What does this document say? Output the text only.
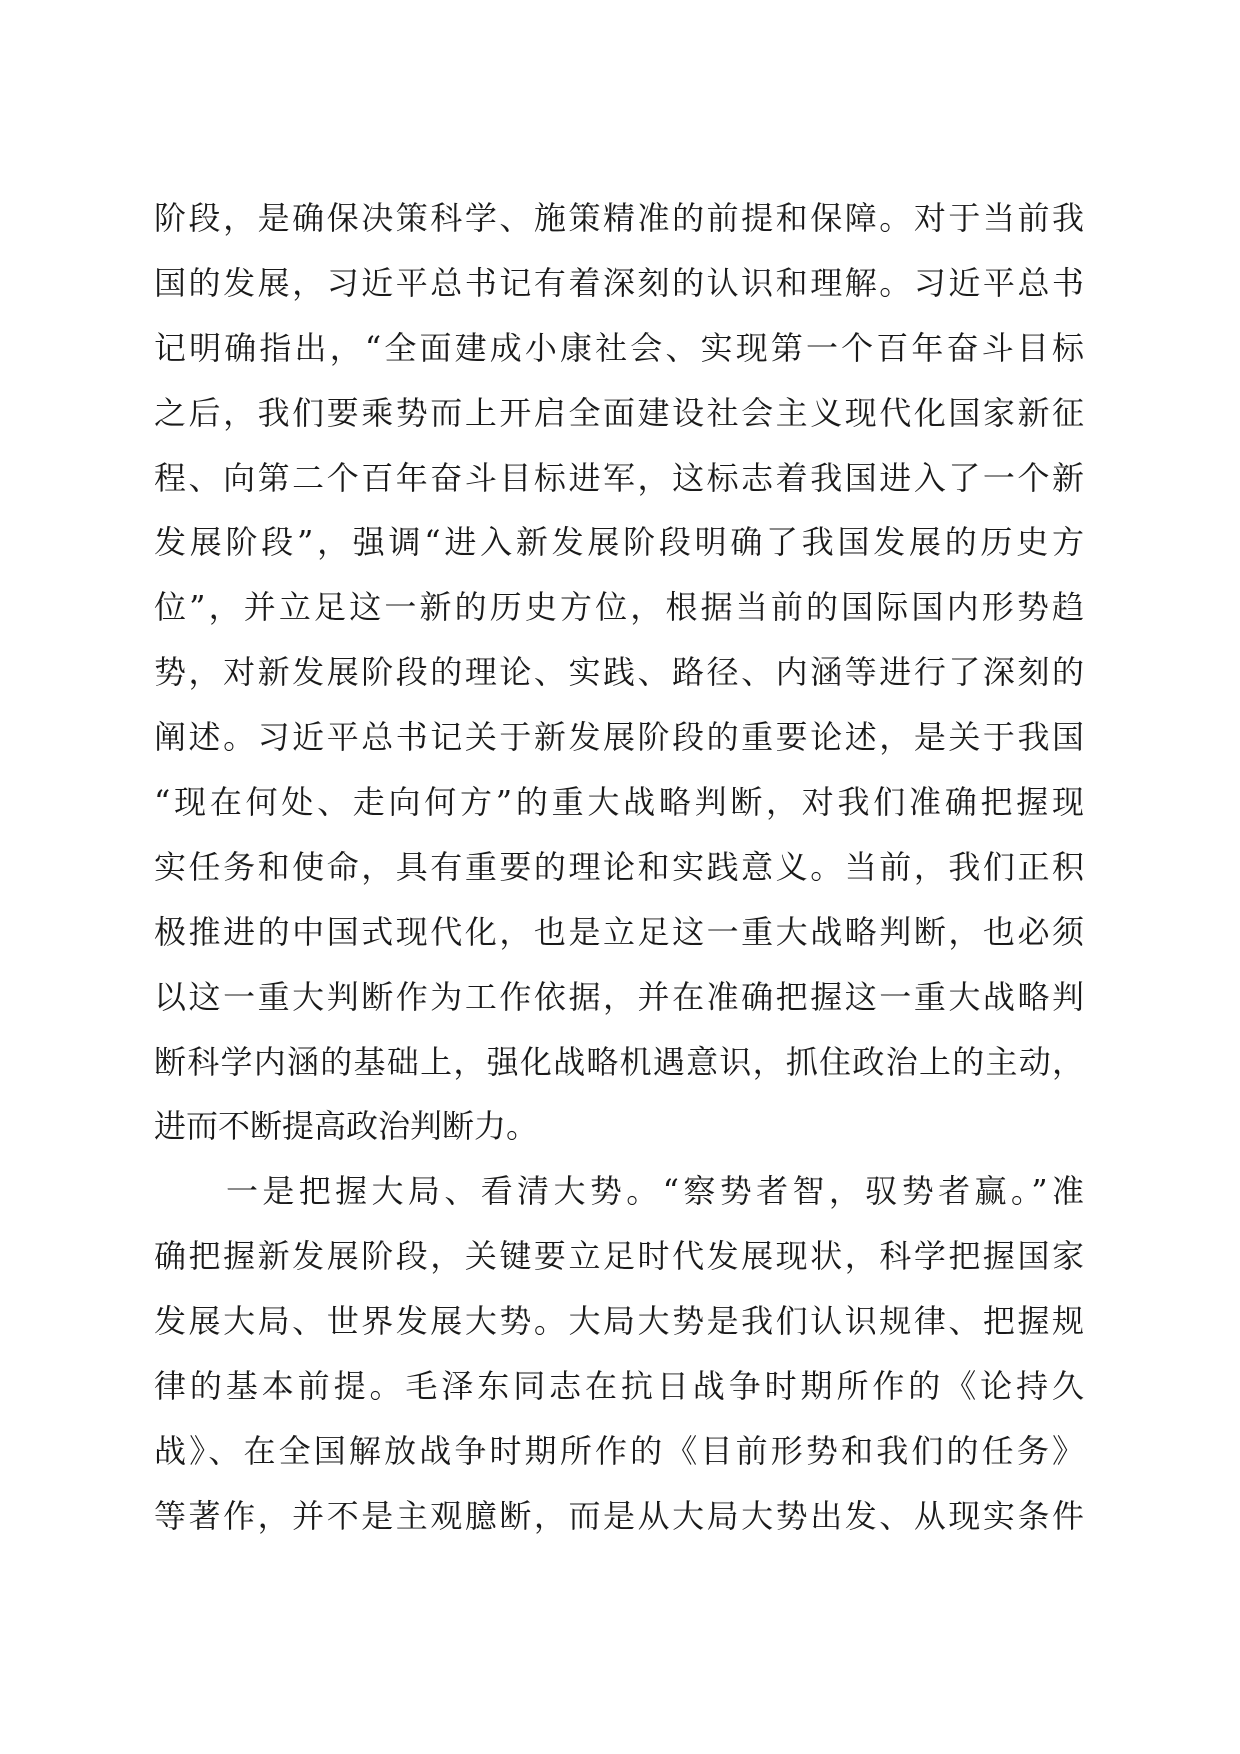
阶段，是确保决策科学、施策精准的前提和保障。对于当前我
国的发展，习近平总书记有着深刻的认识和理解。习近平总书
记明确指出，“全面建成小康社会、实现第一个百年奋斗目标
之后，我们要乘势而上开启全面建设社会主义现代化国家新征
程、向第二个百年奋斗目标进军，这标志着我国进入了一个新
发展阶段”，强调“进入新发展阶段明确了我国发展的历史方
位”，并立足这一新的历史方位，根据当前的国际国内形势趋
势，对新发展阶段的理论、实践、路径、内涵等进行了深刻的
阐述。习近平总书记关于新发展阶段的重要论述，是关于我国
“现在何处、走向何方”的重大战略判断，对我们准确把握现
实任务和使命，具有重要的理论和实践意义。当前，我们正积
极推进的中国式现代化，也是立足这一重大战略判断，也必须
以这一重大判断作为工作依据，并在准确把握这一重大战略判
断科学内涵的基础上，强化战略机遇意识，抓住政治上的主动，
进而不断提高政治判断力。
一是把握大局、看清大势。“察势者智，驭势者赢。”准
确把握新发展阶段，关键要立足时代发展现状，科学把握国家
发展大局、世界发展大势。大局大势是我们认识规律、把握规
律的基本前提。毛泽东同志在抗日战争时期所作的《论持久
战》、在全国解放战争时期所作的《目前形势和我们的任务》
等著作，并不是主观臆断，而是从大局大势出发、从现实条件
